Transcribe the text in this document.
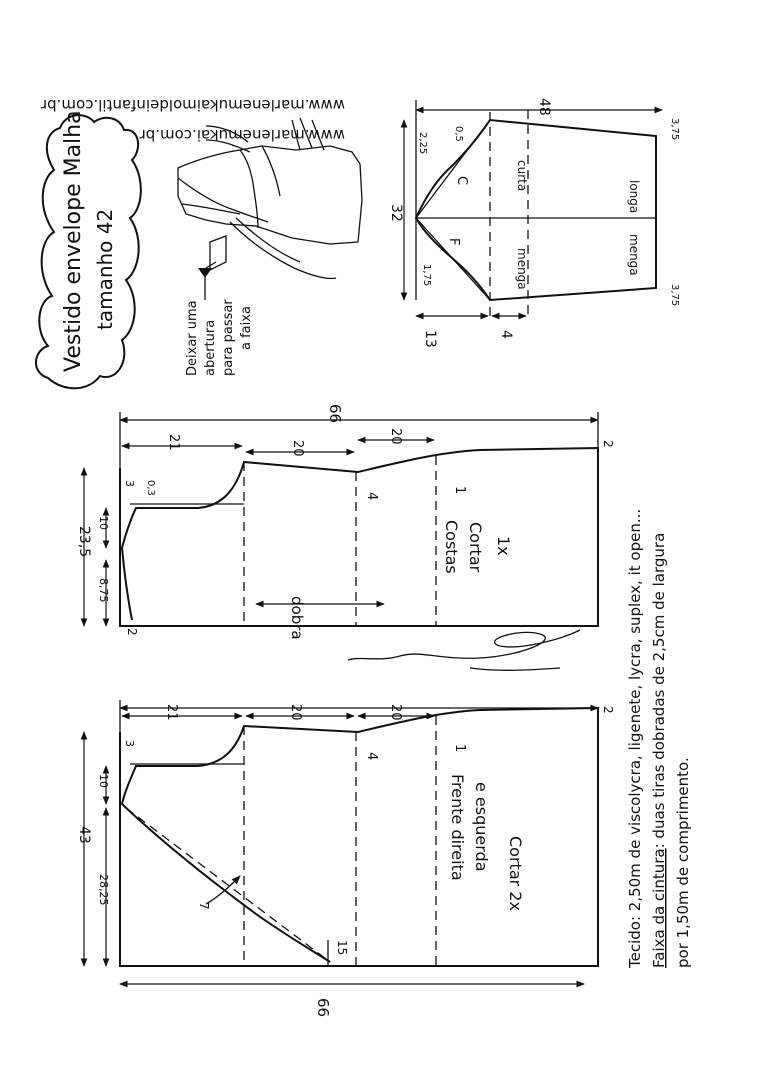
Vestido envelope Malha tamanho 42
www.marlenemukai.com.br
www.marlenemukaimoldeinfantil.com.br
Deixar uma abertura para passar a faixa
48
32
13	4
1,75
2,25	0,5
3,75
3,75
C
F
curta
menga
longa
menga
66
21	20
20	2
23,5
8,75
10
3 0,3
4
1
2	dobra
Costas Cortar 1x
66
21	20	20	2
43
28,25
10
3
4
1
7
15
Frente direita e esquerda
Cortar 2x	Tecido: 2,50m de viscolycra, ligenete, lycra, suplex, it open... Faixa da cintura: duas tiras dobradas de 2,5cm de largura
por 1,50m de comprimento.
